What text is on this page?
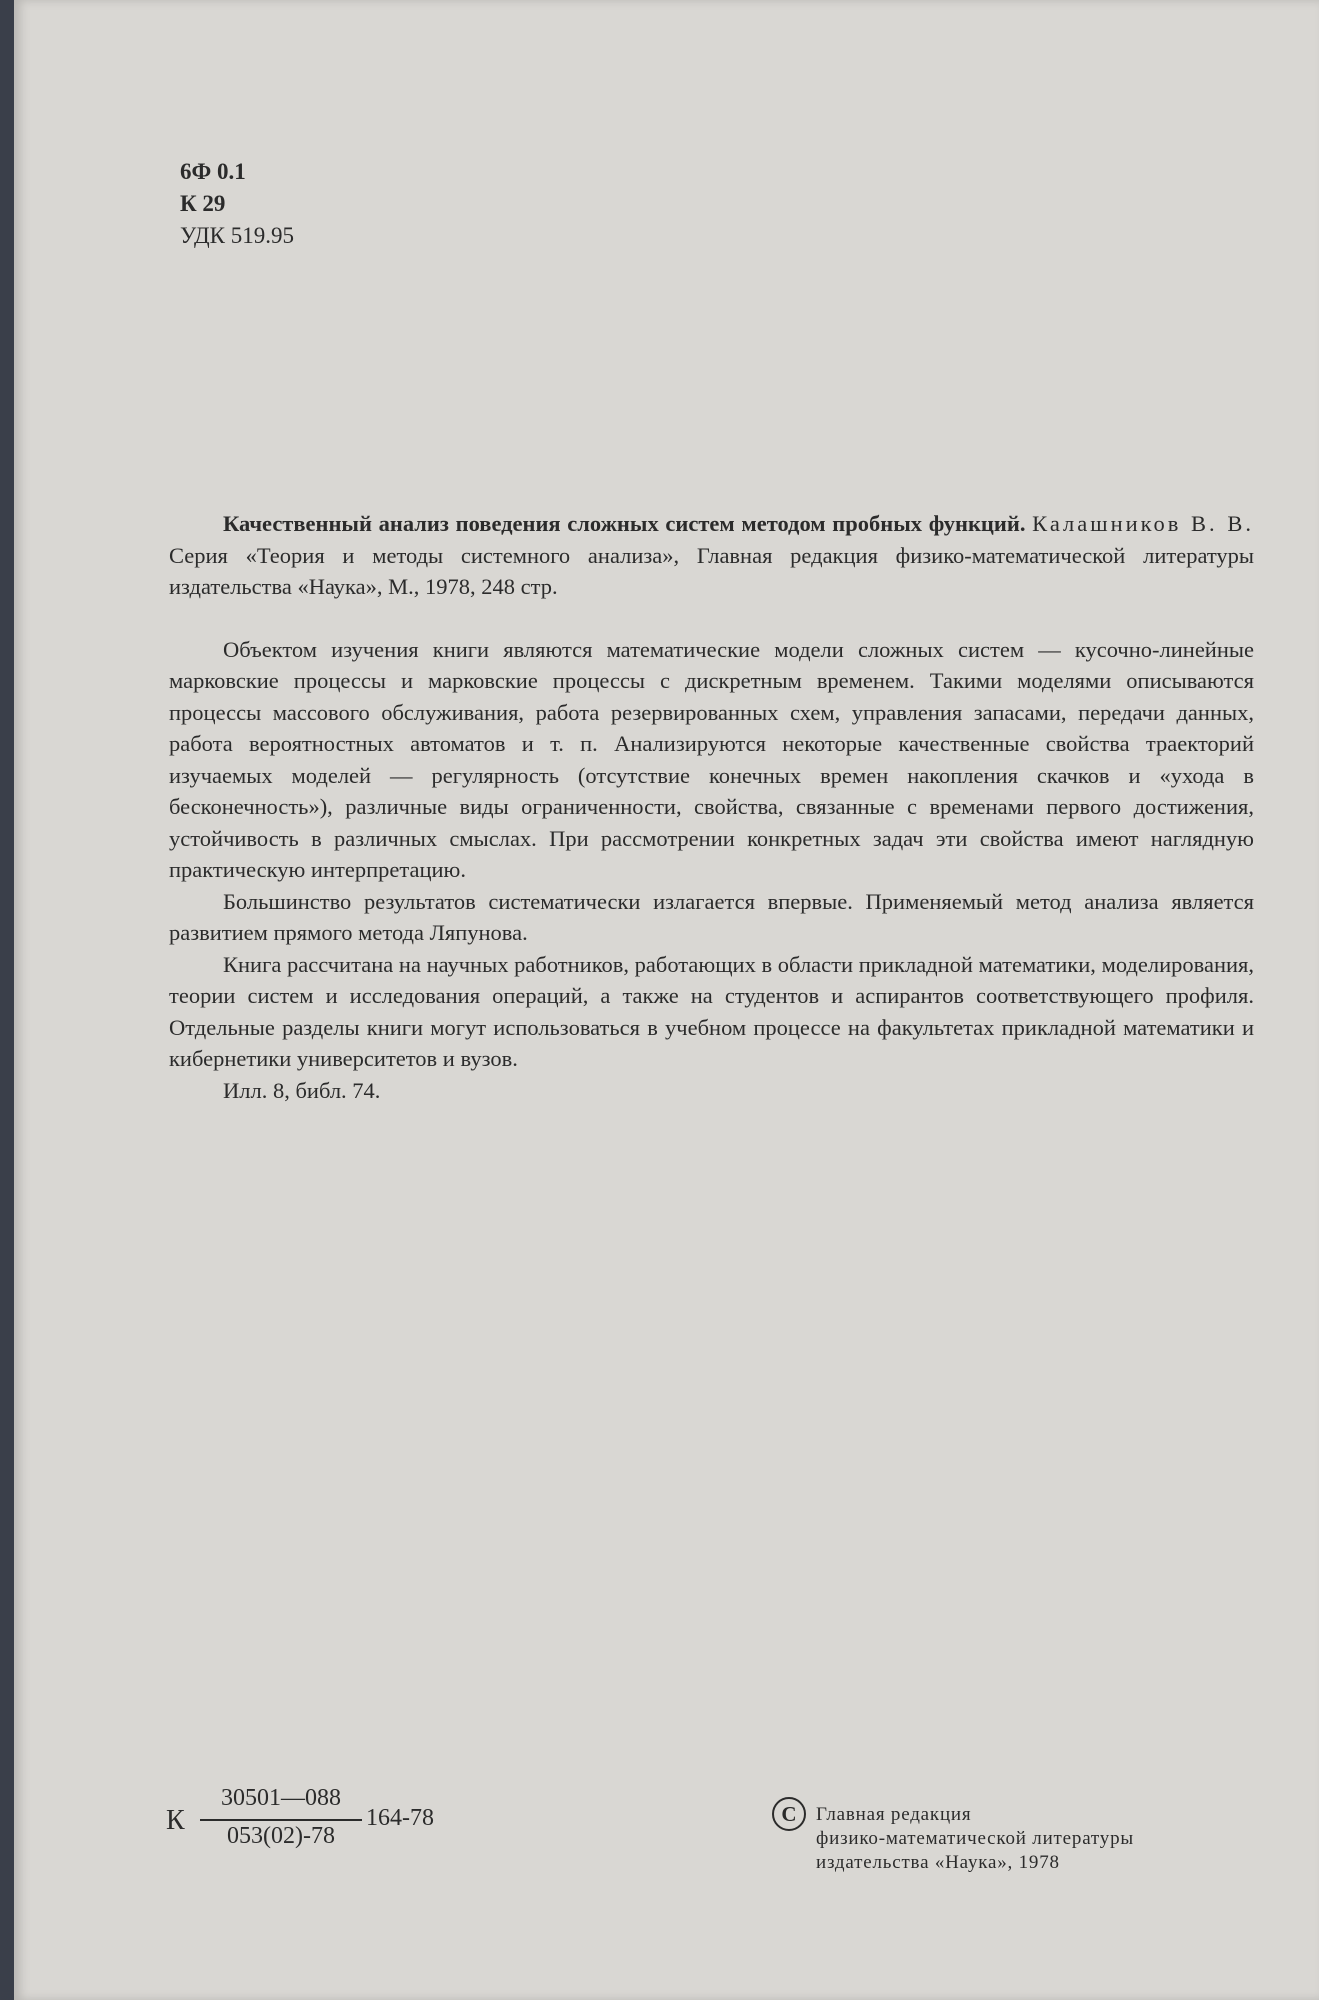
6Ф 0.1
К 29
УДК 519.95

Качественный анализ поведения сложных систем методом пробных функций. Калашников В. В. Серия «Теория и методы системного анализа», Главная редакция физико-математической литературы издательства «Наука», М., 1978, 248 стр.

Объектом изучения книги являются математические модели сложных систем — кусочно-линейные марковские процессы и марковские процессы с дискретным временем. Такими моделями описываются процессы массового обслуживания, работа резервированных схем, управления запасами, передачи данных, работа вероятностных автоматов и т. п. Анализируются некоторые качественные свойства траекторий изучаемых моделей — регулярность (отсутствие конечных времен накопления скачков и «ухода в бесконечность»), различные виды ограниченности, свойства, связанные с временами первого достижения, устойчивость в различных смыслах. При рассмотрении конкретных задач эти свойства имеют наглядную практическую интерпретацию.

Большинство результатов систематически излагается впервые. Применяемый метод анализа является развитием прямого метода Ляпунова.

Книга рассчитана на научных работников, работающих в области прикладной математики, моделирования, теории систем и исследования операций, а также на студентов и аспирантов соответствующего профиля. Отдельные разделы книги могут использоваться в учебном процессе на факультетах прикладной математики и кибернетики университетов и вузов.

Илл. 8, библ. 74.

К
30501—088
053(02)-78
164-78	C	Главная редакция
физико-математической литературы
издательства «Наука», 1978
